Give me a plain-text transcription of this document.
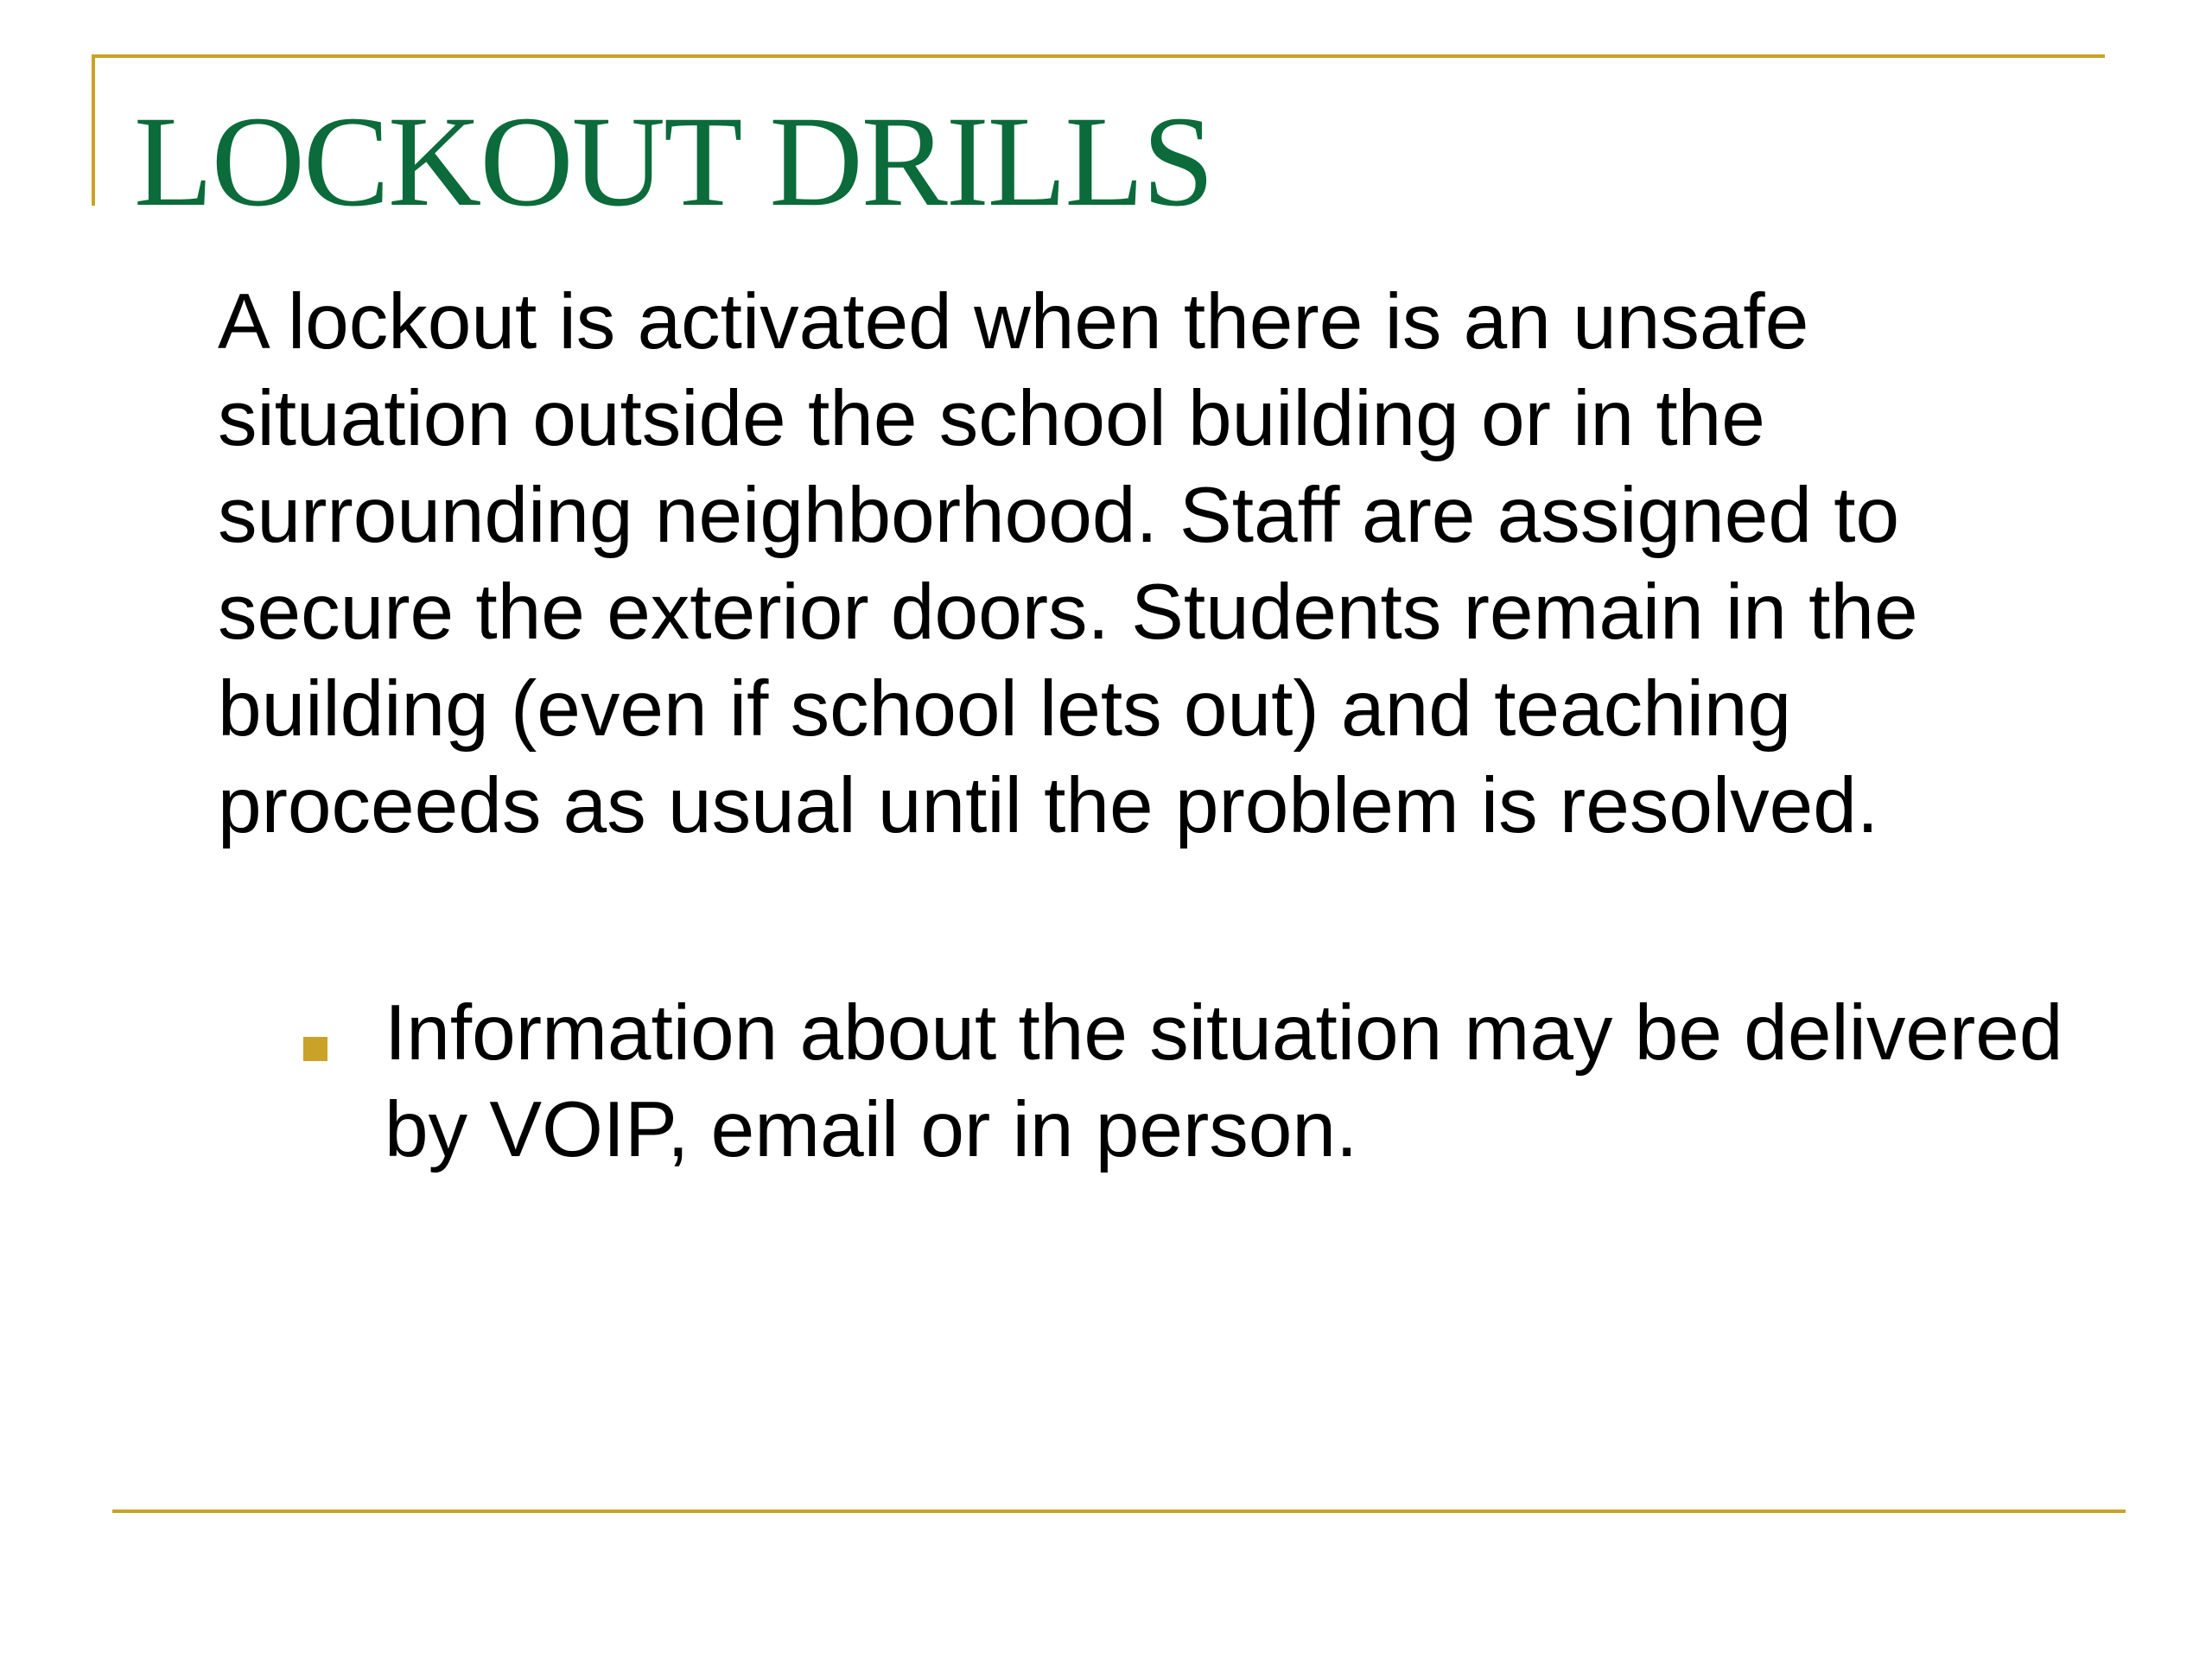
LOCKOUT DRILLS

A lockout is activated when there is an unsafe situation outside the school building or in the surrounding neighborhood. Staff are assigned to secure the exterior doors. Students remain in the building (even if school lets out) and teaching proceeds as usual until the problem is resolved.

Information about the situation may be delivered by VOIP, email or in person.
